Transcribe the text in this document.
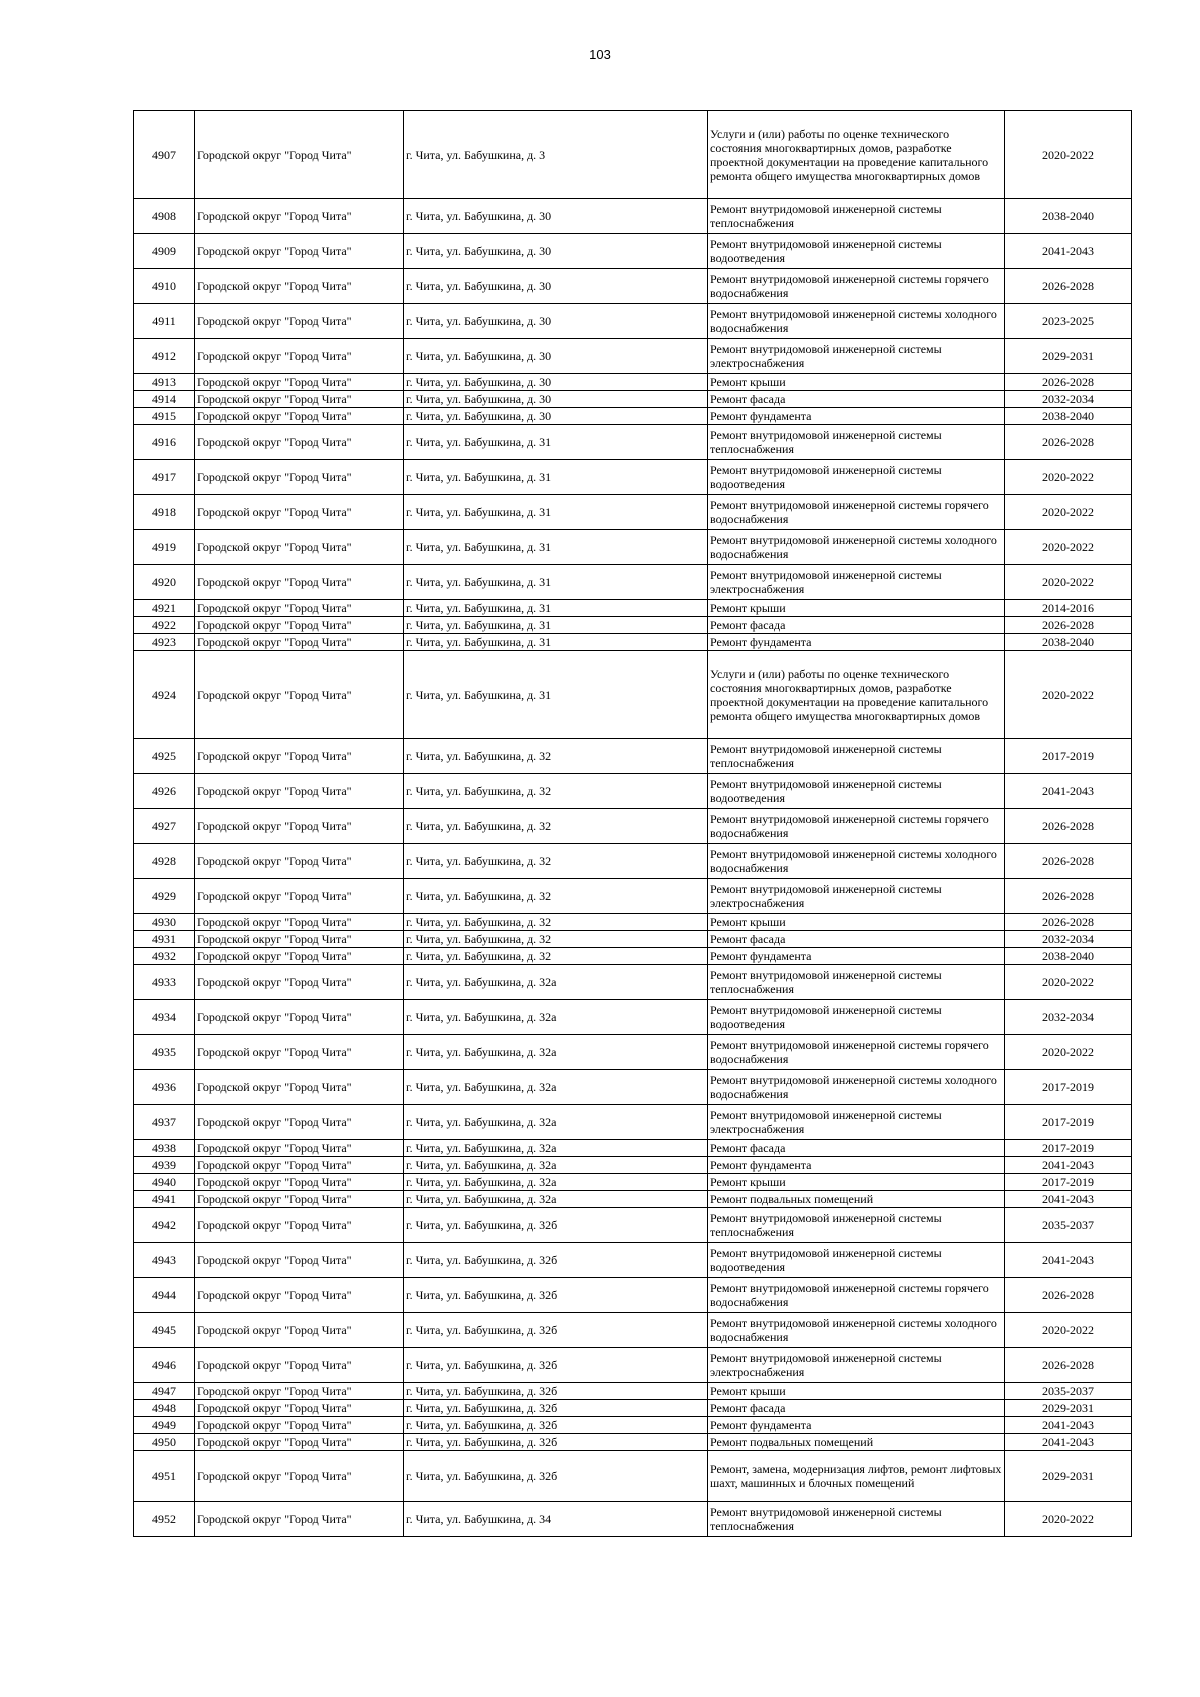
103
4907	Городской округ "Город Чита"	г. Чита, ул. Бабушкина, д. 3	Услуги и (или) работы по оценке технического состояния многоквартирных домов, разработке проектной документации на проведение капитального ремонта общего имущества многоквартирных домов	2020-2022
4908	Городской округ "Город Чита"	г. Чита, ул. Бабушкина, д. 30	Ремонт внутридомовой инженерной системы теплоснабжения	2038-2040
4909	Городской округ "Город Чита"	г. Чита, ул. Бабушкина, д. 30	Ремонт внутридомовой инженерной системы водоотведения	2041-2043
4910	Городской округ "Город Чита"	г. Чита, ул. Бабушкина, д. 30	Ремонт внутридомовой инженерной системы горячего водоснабжения	2026-2028
4911	Городской округ "Город Чита"	г. Чита, ул. Бабушкина, д. 30	Ремонт внутридомовой инженерной системы холодного водоснабжения	2023-2025
4912	Городской округ "Город Чита"	г. Чита, ул. Бабушкина, д. 30	Ремонт внутридомовой инженерной системы электроснабжения	2029-2031
4913	Городской округ "Город Чита"	г. Чита, ул. Бабушкина, д. 30	Ремонт крыши	2026-2028
4914	Городской округ "Город Чита"	г. Чита, ул. Бабушкина, д. 30	Ремонт фасада	2032-2034
4915	Городской округ "Город Чита"	г. Чита, ул. Бабушкина, д. 30	Ремонт фундамента	2038-2040
4916	Городской округ "Город Чита"	г. Чита, ул. Бабушкина, д. 31	Ремонт внутридомовой инженерной системы теплоснабжения	2026-2028
4917	Городской округ "Город Чита"	г. Чита, ул. Бабушкина, д. 31	Ремонт внутридомовой инженерной системы водоотведения	2020-2022
4918	Городской округ "Город Чита"	г. Чита, ул. Бабушкина, д. 31	Ремонт внутридомовой инженерной системы горячего водоснабжения	2020-2022
4919	Городской округ "Город Чита"	г. Чита, ул. Бабушкина, д. 31	Ремонт внутридомовой инженерной системы холодного водоснабжения	2020-2022
4920	Городской округ "Город Чита"	г. Чита, ул. Бабушкина, д. 31	Ремонт внутридомовой инженерной системы электроснабжения	2020-2022
4921	Городской округ "Город Чита"	г. Чита, ул. Бабушкина, д. 31	Ремонт крыши	2014-2016
4922	Городской округ "Город Чита"	г. Чита, ул. Бабушкина, д. 31	Ремонт фасада	2026-2028
4923	Городской округ "Город Чита"	г. Чита, ул. Бабушкина, д. 31	Ремонт фундамента	2038-2040
4924	Городской округ "Город Чита"	г. Чита, ул. Бабушкина, д. 31	Услуги и (или) работы по оценке технического состояния многоквартирных домов, разработке проектной документации на проведение капитального ремонта общего имущества многоквартирных домов	2020-2022
4925	Городской округ "Город Чита"	г. Чита, ул. Бабушкина, д. 32	Ремонт внутридомовой инженерной системы теплоснабжения	2017-2019
4926	Городской округ "Город Чита"	г. Чита, ул. Бабушкина, д. 32	Ремонт внутридомовой инженерной системы водоотведения	2041-2043
4927	Городской округ "Город Чита"	г. Чита, ул. Бабушкина, д. 32	Ремонт внутридомовой инженерной системы горячего водоснабжения	2026-2028
4928	Городской округ "Город Чита"	г. Чита, ул. Бабушкина, д. 32	Ремонт внутридомовой инженерной системы холодного водоснабжения	2026-2028
4929	Городской округ "Город Чита"	г. Чита, ул. Бабушкина, д. 32	Ремонт внутридомовой инженерной системы электроснабжения	2026-2028
4930	Городской округ "Город Чита"	г. Чита, ул. Бабушкина, д. 32	Ремонт крыши	2026-2028
4931	Городской округ "Город Чита"	г. Чита, ул. Бабушкина, д. 32	Ремонт фасада	2032-2034
4932	Городской округ "Город Чита"	г. Чита, ул. Бабушкина, д. 32	Ремонт фундамента	2038-2040
4933	Городской округ "Город Чита"	г. Чита, ул. Бабушкина, д. 32а	Ремонт внутридомовой инженерной системы теплоснабжения	2020-2022
4934	Городской округ "Город Чита"	г. Чита, ул. Бабушкина, д. 32а	Ремонт внутридомовой инженерной системы водоотведения	2032-2034
4935	Городской округ "Город Чита"	г. Чита, ул. Бабушкина, д. 32а	Ремонт внутридомовой инженерной системы горячего водоснабжения	2020-2022
4936	Городской округ "Город Чита"	г. Чита, ул. Бабушкина, д. 32а	Ремонт внутридомовой инженерной системы холодного водоснабжения	2017-2019
4937	Городской округ "Город Чита"	г. Чита, ул. Бабушкина, д. 32а	Ремонт внутридомовой инженерной системы электроснабжения	2017-2019
4938	Городской округ "Город Чита"	г. Чита, ул. Бабушкина, д. 32а	Ремонт фасада	2017-2019
4939	Городской округ "Город Чита"	г. Чита, ул. Бабушкина, д. 32а	Ремонт фундамента	2041-2043
4940	Городской округ "Город Чита"	г. Чита, ул. Бабушкина, д. 32а	Ремонт крыши	2017-2019
4941	Городской округ "Город Чита"	г. Чита, ул. Бабушкина, д. 32а	Ремонт подвальных помещений	2041-2043
4942	Городской округ "Город Чита"	г. Чита, ул. Бабушкина, д. 32б	Ремонт внутридомовой инженерной системы теплоснабжения	2035-2037
4943	Городской округ "Город Чита"	г. Чита, ул. Бабушкина, д. 32б	Ремонт внутридомовой инженерной системы водоотведения	2041-2043
4944	Городской округ "Город Чита"	г. Чита, ул. Бабушкина, д. 32б	Ремонт внутридомовой инженерной системы горячего водоснабжения	2026-2028
4945	Городской округ "Город Чита"	г. Чита, ул. Бабушкина, д. 32б	Ремонт внутридомовой инженерной системы холодного водоснабжения	2020-2022
4946	Городской округ "Город Чита"	г. Чита, ул. Бабушкина, д. 32б	Ремонт внутридомовой инженерной системы электроснабжения	2026-2028
4947	Городской округ "Город Чита"	г. Чита, ул. Бабушкина, д. 32б	Ремонт крыши	2035-2037
4948	Городской округ "Город Чита"	г. Чита, ул. Бабушкина, д. 32б	Ремонт фасада	2029-2031
4949	Городской округ "Город Чита"	г. Чита, ул. Бабушкина, д. 32б	Ремонт фундамента	2041-2043
4950	Городской округ "Город Чита"	г. Чита, ул. Бабушкина, д. 32б	Ремонт подвальных помещений	2041-2043
4951	Городской округ "Город Чита"	г. Чита, ул. Бабушкина, д. 32б	Ремонт, замена, модернизация лифтов, ремонт лифтовых шахт, машинных и блочных помещений	2029-2031
4952	Городской округ "Город Чита"	г. Чита, ул. Бабушкина, д. 34	Ремонт внутридомовой инженерной системы теплоснабжения	2020-2022
